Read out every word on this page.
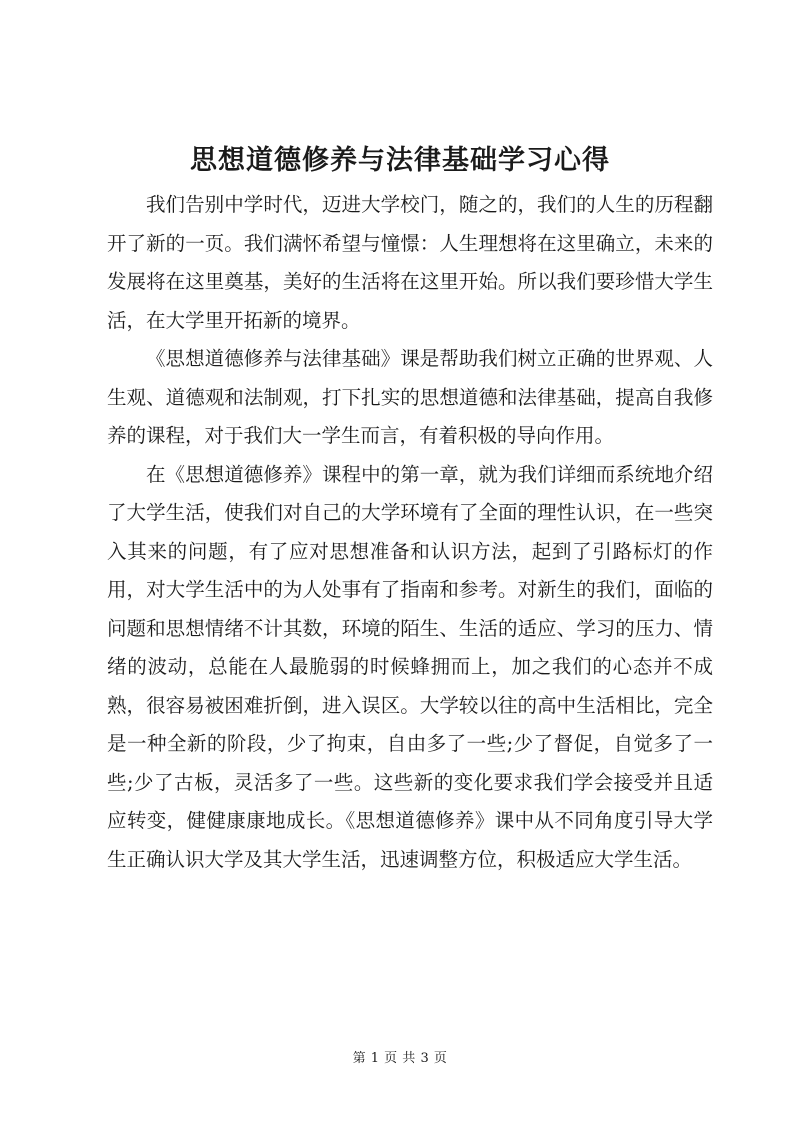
思想道德修养与法律基础学习心得

我们告别中学时代，迈进大学校门，随之的，我们的人生的历程翻开了新的一页。我们满怀希望与憧憬：人生理想将在这里确立，未来的发展将在这里奠基，美好的生活将在这里开始。所以我们要珍惜大学生活，在大学里开拓新的境界。

《思想道德修养与法律基础》课是帮助我们树立正确的世界观、人生观、道德观和法制观，打下扎实的思想道德和法律基础，提高自我修养的课程，对于我们大一学生而言，有着积极的导向作用。

在《思想道德修养》课程中的第一章，就为我们详细而系统地介绍了大学生活，使我们对自己的大学环境有了全面的理性认识，在一些突入其来的问题，有了应对思想准备和认识方法，起到了引路标灯的作用，对大学生活中的为人处事有了指南和参考。对新生的我们，面临的问题和思想情绪不计其数，环境的陌生、生活的适应、学习的压力、情绪的波动，总能在人最脆弱的时候蜂拥而上，加之我们的心态并不成熟，很容易被困难折倒，进入误区。大学较以往的高中生活相比，完全是一种全新的阶段，少了拘束，自由多了一些;少了督促，自觉多了一些;少了古板，灵活多了一些。这些新的变化要求我们学会接受并且适应转变，健健康康地成长。《思想道德修养》课中从不同角度引导大学生正确认识大学及其大学生活，迅速调整方位，积极适应大学生活。

第 1 页 共 3 页
